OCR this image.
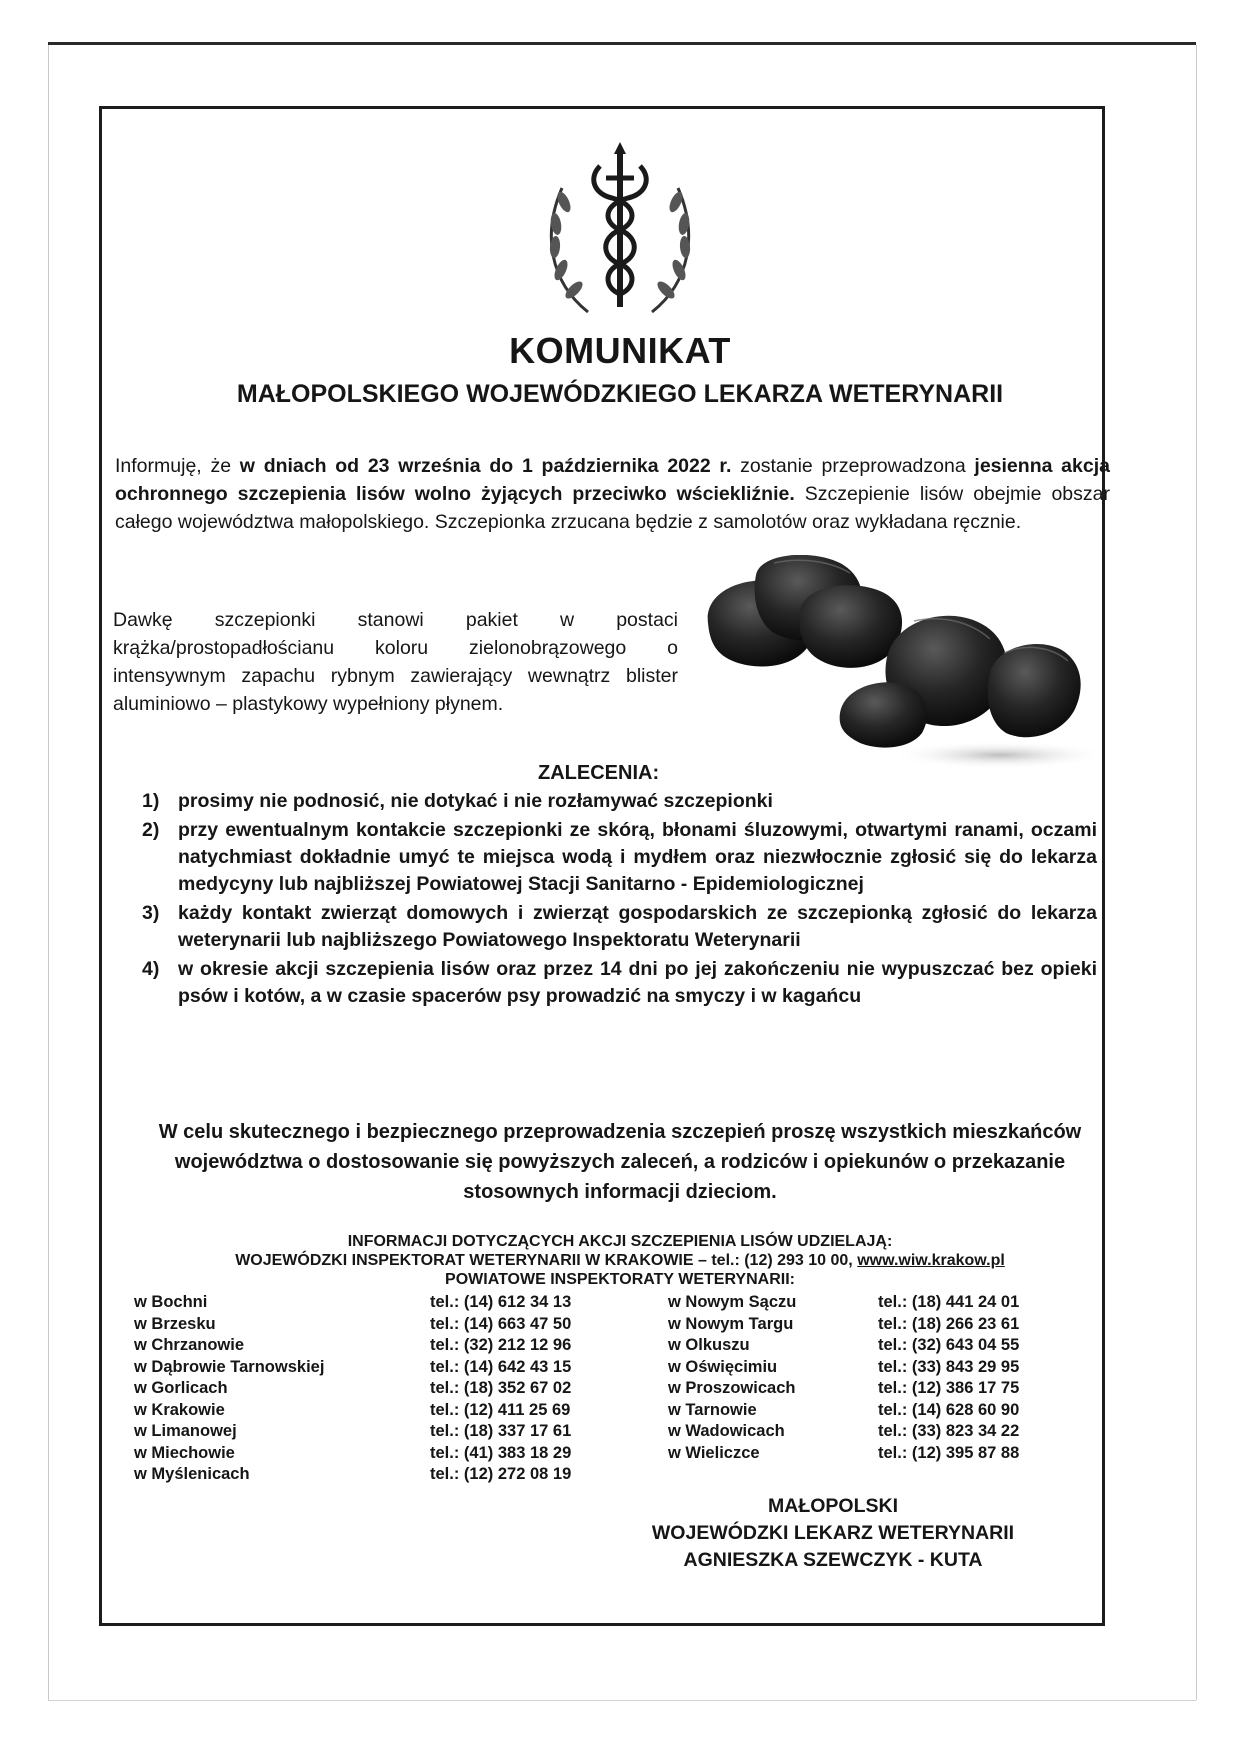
KOMUNIKAT
MAŁOPOLSKIEGO WOJEWÓDZKIEGO LEKARZA WETERYNARII
Informuję, że w dniach od 23 września do 1 października 2022 r. zostanie przeprowadzona jesienna akcja ochronnego szczepienia lisów wolno żyjących przeciwko wściekliźnie. Szczepienie lisów obejmie obszar całego województwa małopolskiego. Szczepionka zrzucana będzie z samolotów oraz wykładana ręcznie.
Dawkę szczepionki stanowi pakiet w postaci krążka/prostopadłościanu koloru zielonobrązowego o intensywnym zapachu rybnym zawierający wewnątrz blister aluminiowo – plastykowy wypełniony płynem.
ZALECENIA:
1) prosimy nie podnosić, nie dotykać i nie rozłamywać szczepionki
2) przy ewentualnym kontakcie szczepionki ze skórą, błonami śluzowymi, otwartymi ranami, oczami natychmiast dokładnie umyć te miejsca wodą i mydłem oraz niezwłocznie zgłosić się do lekarza medycyny lub najbliższej Powiatowej Stacji Sanitarno - Epidemiologicznej
3) każdy kontakt zwierząt domowych i zwierząt gospodarskich ze szczepionką zgłosić do lekarza weterynarii lub najbliższego Powiatowego Inspektoratu Weterynarii
4) w okresie akcji szczepienia lisów oraz przez 14 dni po jej zakończeniu nie wypuszczać bez opieki psów i kotów, a w czasie spacerów psy prowadzić na smyczy i w kagańcu
W celu skutecznego i bezpiecznego przeprowadzenia szczepień proszę wszystkich mieszkańców województwa o dostosowanie się powyższych zaleceń, a rodziców i opiekunów o przekazanie stosownych informacji dzieciom.
INFORMACJI DOTYCZĄCYCH AKCJI SZCZEPIENIA LISÓW UDZIELAJĄ:
WOJEWÓDZKI INSPEKTORAT WETERYNARII W KRAKOWIE – tel.: (12) 293 10 00, www.wiw.krakow.pl
POWIATOWE INSPEKTORATY WETERYNARII:
w Bochni	tel.: (14) 612 34 13
w Brzesku	tel.: (14) 663 47 50
w Chrzanowie	tel.: (32) 212 12 96
w Dąbrowie Tarnowskiej	tel.: (14) 642 43 15
w Gorlicach	tel.: (18) 352 67 02
w Krakowie	tel.: (12) 411 25 69
w Limanowej	tel.: (18) 337 17 61
w Miechowie	tel.: (41) 383 18 29
w Myślenicach	tel.: (12) 272 08 19
w Nowym Sączu	tel.: (18) 441 24 01
w Nowym Targu	tel.: (18) 266 23 61
w Olkuszu	tel.: (32) 643 04 55
w Oświęcimiu	tel.: (33) 843 29 95
w Proszowicach	tel.: (12) 386 17 75
w Tarnowie	tel.: (14) 628 60 90
w Wadowicach	tel.: (33) 823 34 22
w Wieliczce	tel.: (12) 395 87 88
MAŁOPOLSKI
WOJEWÓDZKI LEKARZ WETERYNARII
AGNIESZKA SZEWCZYK - KUTA
